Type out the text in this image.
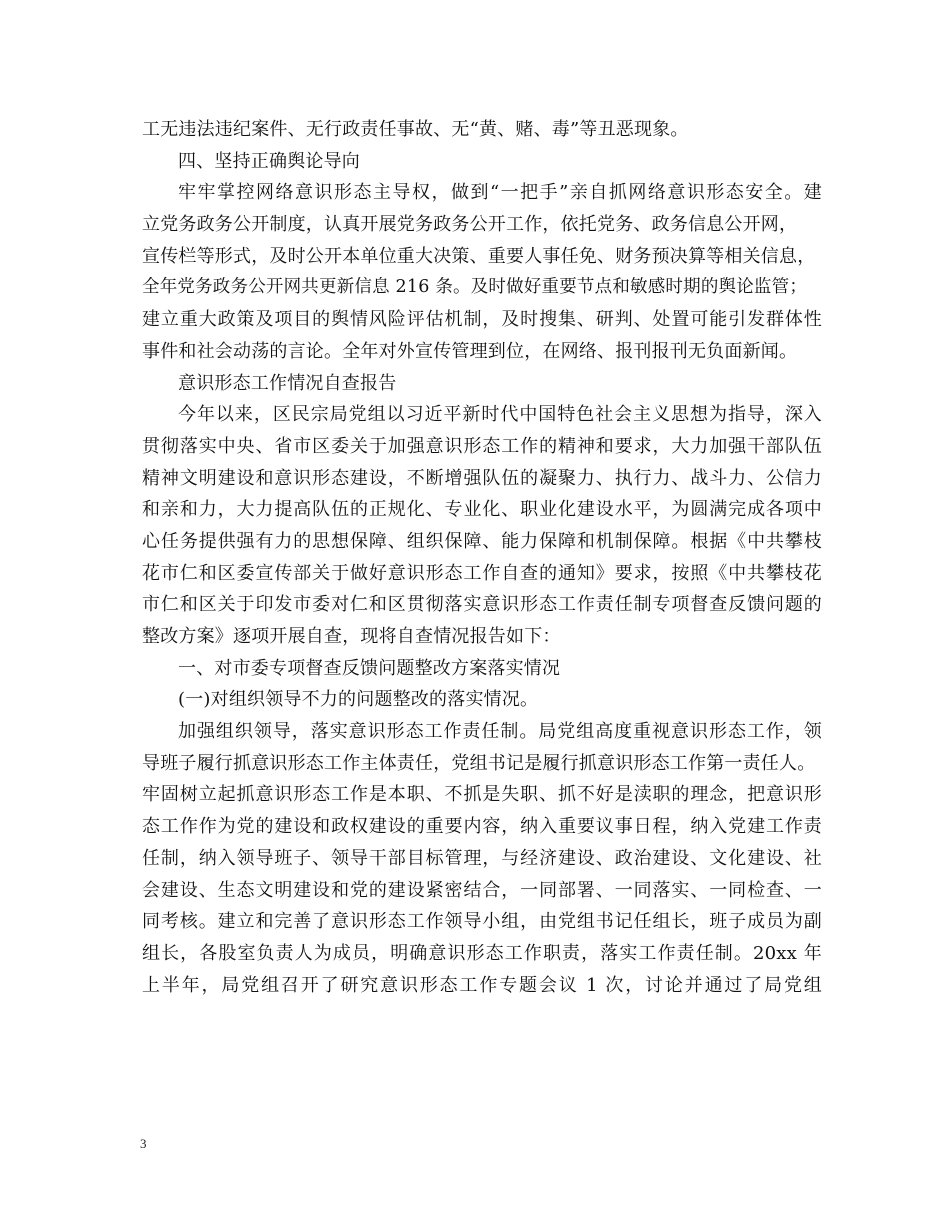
工无违法违纪案件、无行政责任事故、无“黄、赌、毒”等丑恶现象。
四、坚持正确舆论导向
牢牢掌控网络意识形态主导权，做到“一把手”亲自抓网络意识形态安全。建
立党务政务公开制度，认真开展党务政务公开工作，依托党务、政务信息公开网，
宣传栏等形式，及时公开本单位重大决策、重要人事任免、财务预决算等相关信息，
全年党务政务公开网共更新信息 216 条。及时做好重要节点和敏感时期的舆论监管；
建立重大政策及项目的舆情风险评估机制，及时搜集、研判、处置可能引发群体性
事件和社会动荡的言论。全年对外宣传管理到位，在网络、报刊报刊无负面新闻。
意识形态工作情况自查报告
今年以来，区民宗局党组以习近平新时代中国特色社会主义思想为指导，深入
贯彻落实中央、省市区委关于加强意识形态工作的精神和要求，大力加强干部队伍
精神文明建设和意识形态建设，不断增强队伍的凝聚力、执行力、战斗力、公信力
和亲和力，大力提高队伍的正规化、专业化、职业化建设水平，为圆满完成各项中
心任务提供强有力的思想保障、组织保障、能力保障和机制保障。根据《中共攀枝
花市仁和区委宣传部关于做好意识形态工作自查的通知》要求，按照《中共攀枝花
市仁和区关于印发市委对仁和区贯彻落实意识形态工作责任制专项督查反馈问题的
整改方案》逐项开展自查，现将自查情况报告如下：
一、对市委专项督查反馈问题整改方案落实情况
(一)对组织领导不力的问题整改的落实情况。
加强组织领导，落实意识形态工作责任制。局党组高度重视意识形态工作，领
导班子履行抓意识形态工作主体责任，党组书记是履行抓意识形态工作第一责任人。
牢固树立起抓意识形态工作是本职、不抓是失职、抓不好是渎职的理念，把意识形
态工作作为党的建设和政权建设的重要内容，纳入重要议事日程，纳入党建工作责
任制，纳入领导班子、领导干部目标管理，与经济建设、政治建设、文化建设、社
会建设、生态文明建设和党的建设紧密结合，一同部署、一同落实、一同检查、一
同考核。建立和完善了意识形态工作领导小组，由党组书记任组长，班子成员为副
组长，各股室负责人为成员，明确意识形态工作职责，落实工作责任制。20xx 年
上半年，局党组召开了研究意识形态工作专题会议 1 次，讨论并通过了局党组
3
